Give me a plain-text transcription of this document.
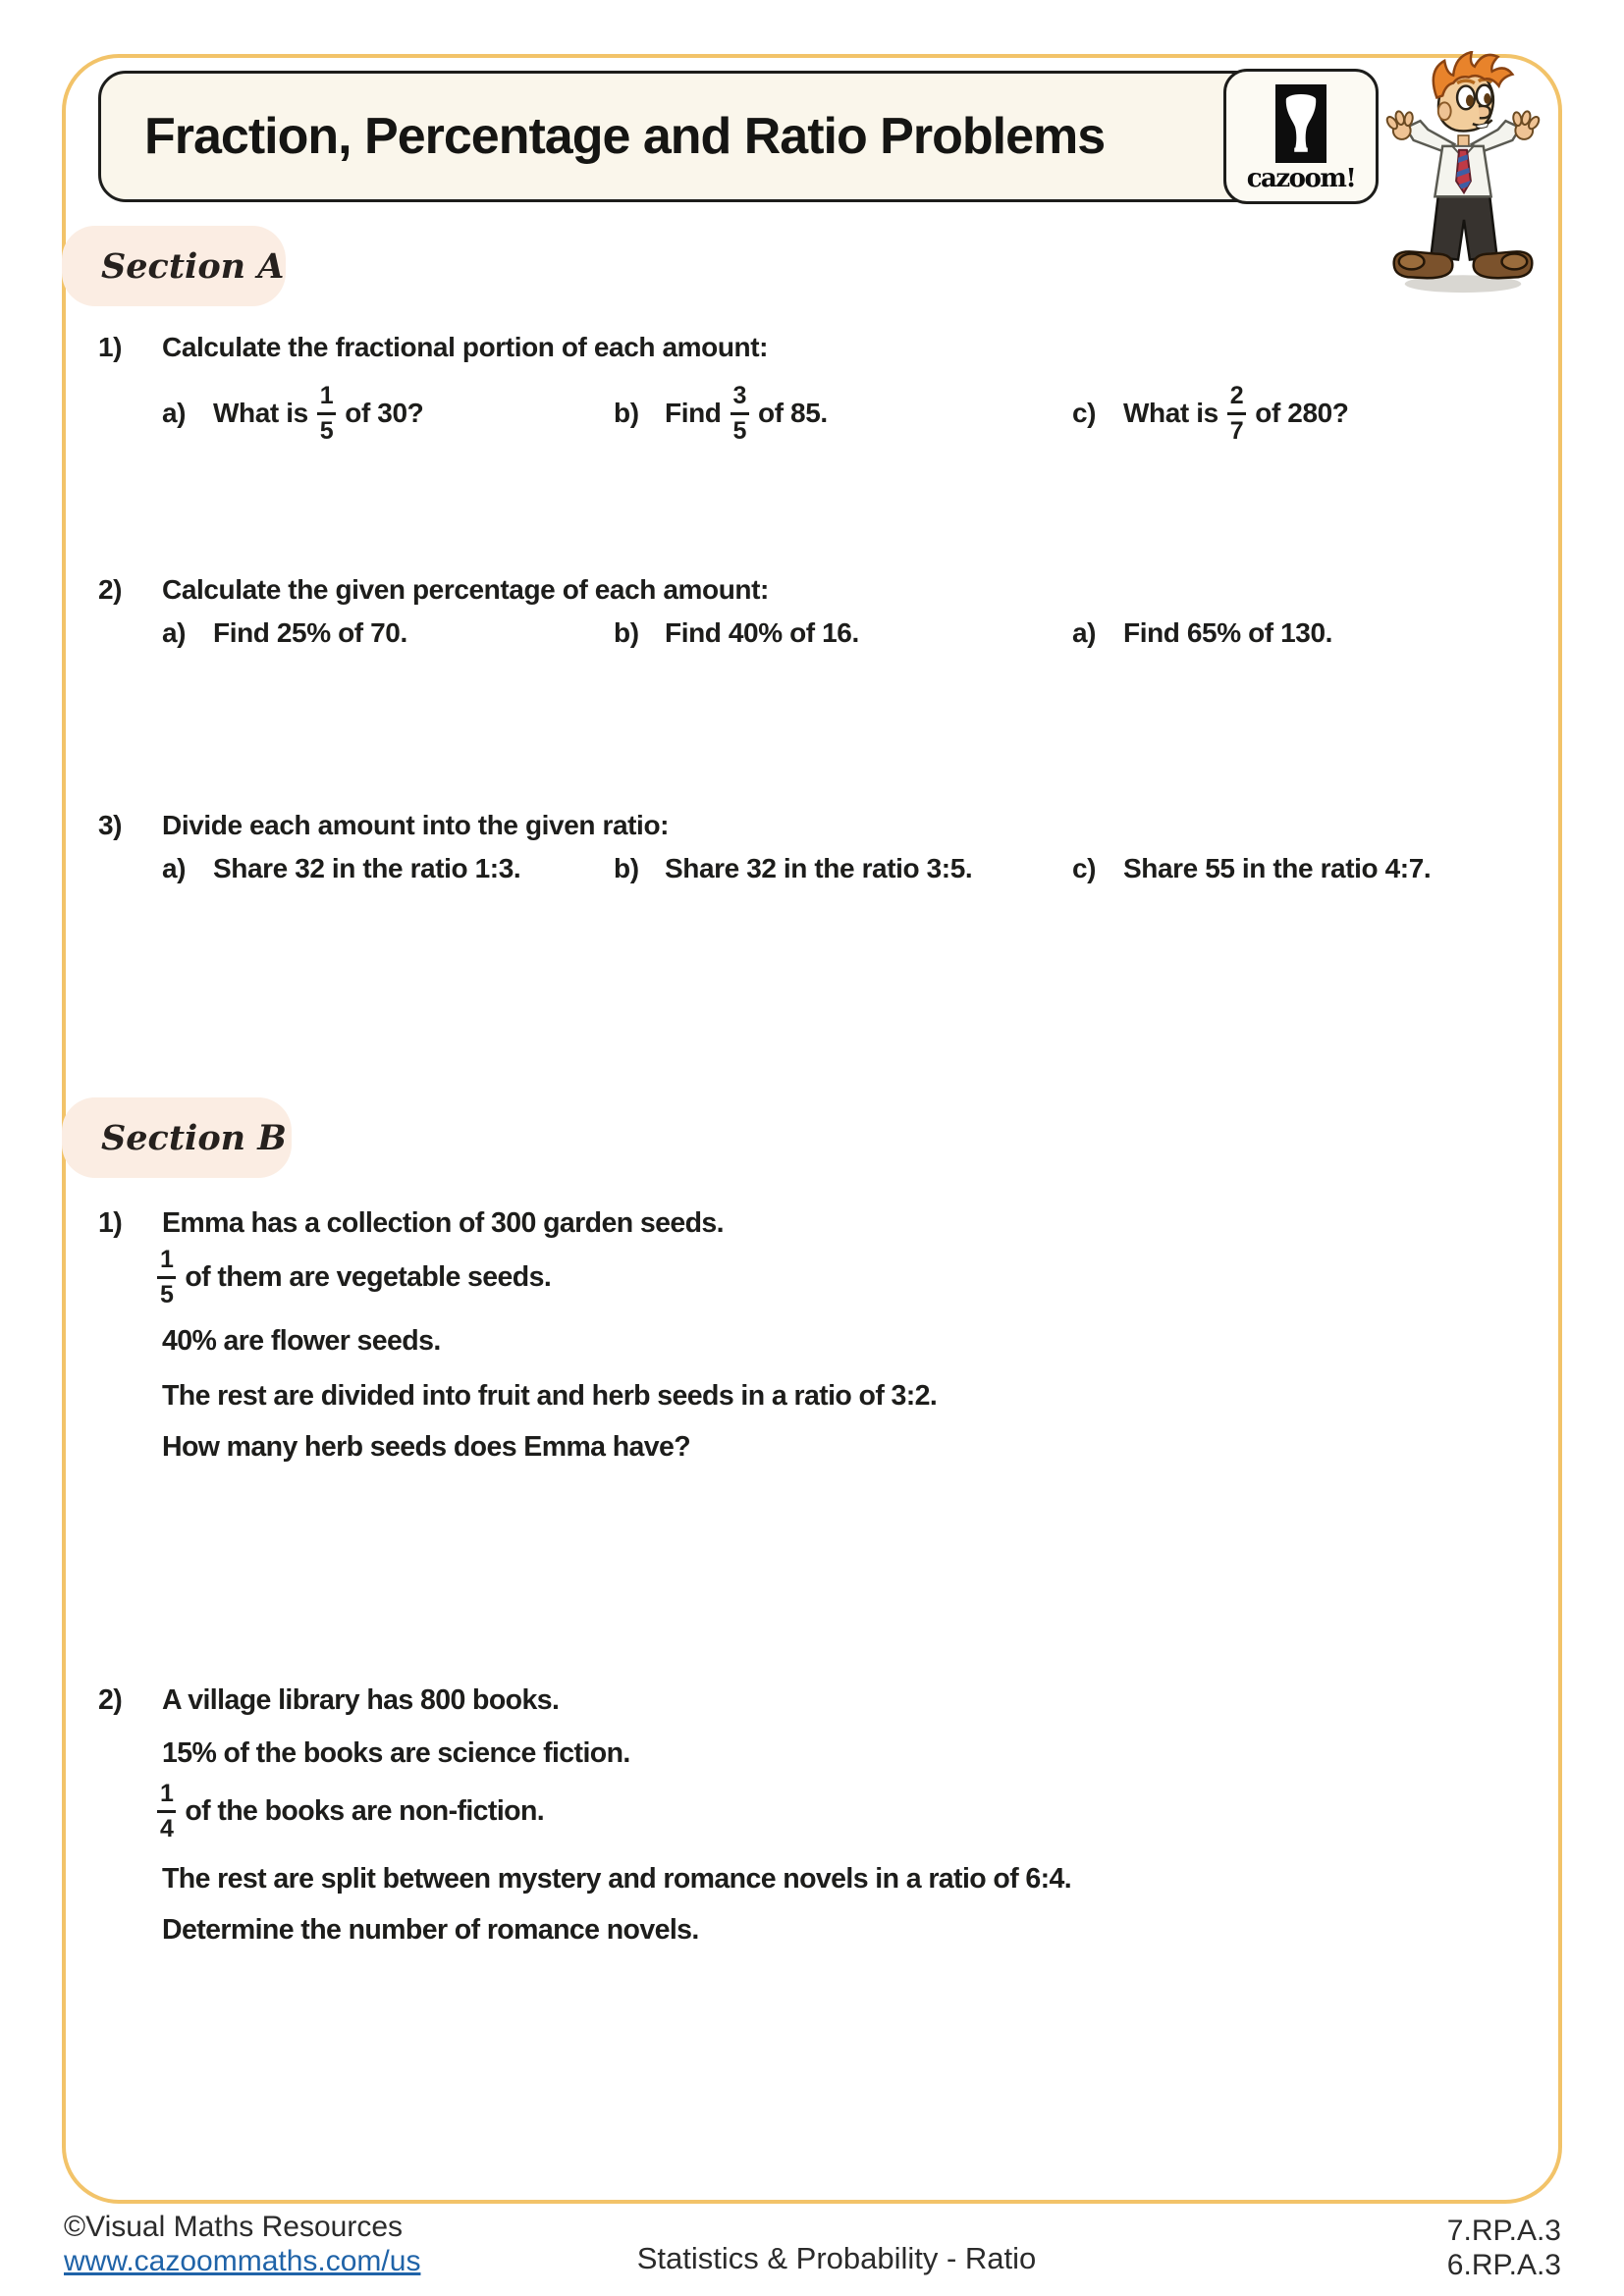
Fraction, Percentage and Ratio Problems
cazoom!
Section A
1)	Calculate the fractional portion of each amount:
a) What is $\frac{1}{5}$ of 30?	b) Find $\frac{3}{5}$ of 85.	c) What is $\frac{2}{7}$ of 280?
2)	Calculate the given percentage of each amount:
a) Find 25% of 70.	b) Find 40% of 16.	a) Find 65% of 130.
3)	Divide each amount into the given ratio:
a) Share 32 in the ratio 1:3.	b) Share 32 in the ratio 3:5.	c) Share 55 in the ratio 4:7.
Section B
1)	Emma has a collection of 300 garden seeds.
$\frac{1}{5}$ of them are vegetable seeds.
40% are flower seeds.
The rest are divided into fruit and herb seeds in a ratio of 3:2.
How many herb seeds does Emma have?
2)	A village library has 800 books.
15% of the books are science fiction.
$\frac{1}{4}$ of the books are non-fiction.
The rest are split between mystery and romance novels in a ratio of 6:4.
Determine the number of romance novels.
©Visual Maths Resources
www.cazoommaths.com/us	Statistics & Probability - Ratio
7.RP.A.3
6.RP.A.3
